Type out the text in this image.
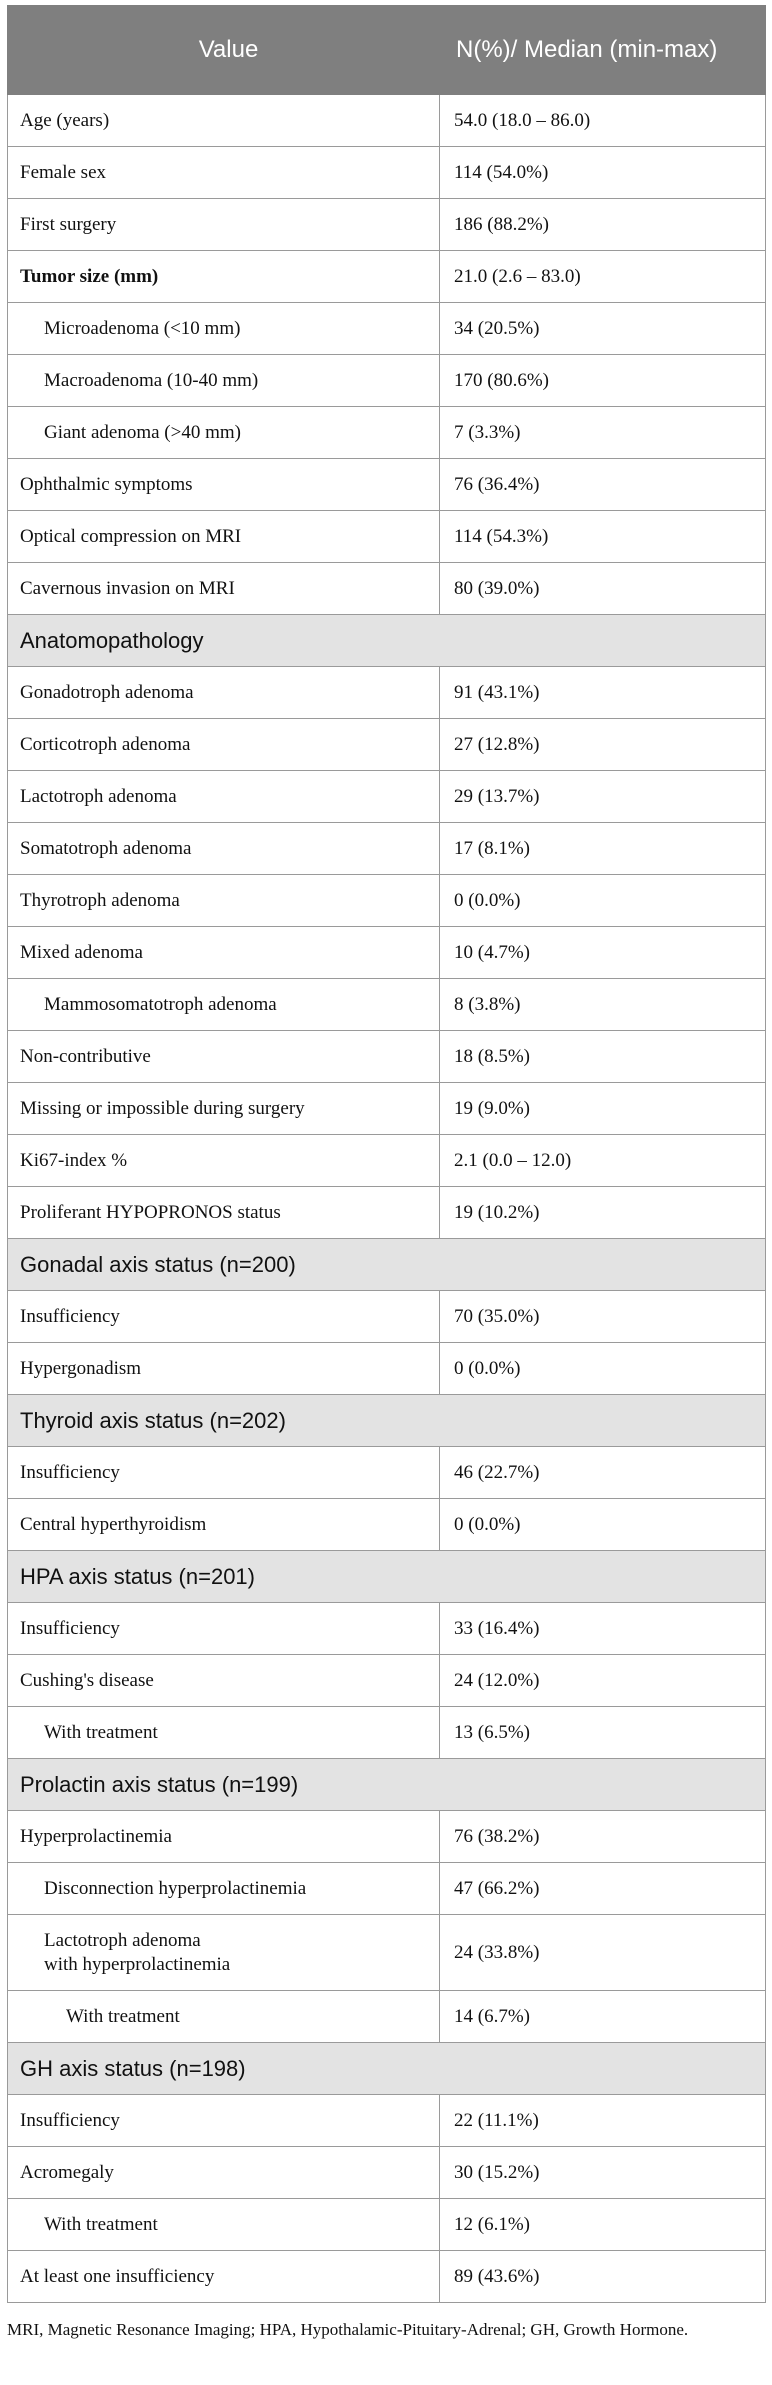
Value	N(%)/ Median (min-max)
Age (years)	54.0 (18.0 – 86.0)
Female sex	114 (54.0%)
First surgery	186 (88.2%)
Tumor size (mm)	21.0 (2.6 – 83.0)
Microadenoma (<10 mm)	34 (20.5%)
Macroadenoma (10-40 mm)	170 (80.6%)
Giant adenoma (>40 mm)	7 (3.3%)
Ophthalmic symptoms	76 (36.4%)
Optical compression on MRI	114 (54.3%)
Cavernous invasion on MRI	80 (39.0%)
Anatomopathology	
Gonadotroph adenoma	91 (43.1%)
Corticotroph adenoma	27 (12.8%)
Lactotroph adenoma	29 (13.7%)
Somatotroph adenoma	17 (8.1%)
Thyrotroph adenoma	0 (0.0%)
Mixed adenoma	10 (4.7%)
Mammosomatotroph adenoma	8 (3.8%)
Non-contributive	18 (8.5%)
Missing or impossible during surgery	19 (9.0%)
Ki67-index %	2.1 (0.0 – 12.0)
Proliferant HYPOPRONOS status	19 (10.2%)
Gonadal axis status (n=200)	
Insufficiency	70 (35.0%)
Hypergonadism	0 (0.0%)
Thyroid axis status (n=202)	
Insufficiency	46 (22.7%)
Central hyperthyroidism	0 (0.0%)
HPA axis status (n=201)	
Insufficiency	33 (16.4%)
Cushing's disease	24 (12.0%)
With treatment	13 (6.5%)
Prolactin axis status (n=199)	
Hyperprolactinemia	76 (38.2%)
Disconnection hyperprolactinemia	47 (66.2%)
Lactotroph adenoma
with hyperprolactinemia	24 (33.8%)
With treatment	14 (6.7%)
GH axis status (n=198)	
Insufficiency	22 (11.1%)
Acromegaly	30 (15.2%)
With treatment	12 (6.1%)
At least one insufficiency	89 (43.6%)
MRI, Magnetic Resonance Imaging; HPA, Hypothalamic-Pituitary-Adrenal; GH, Growth Hormone.
